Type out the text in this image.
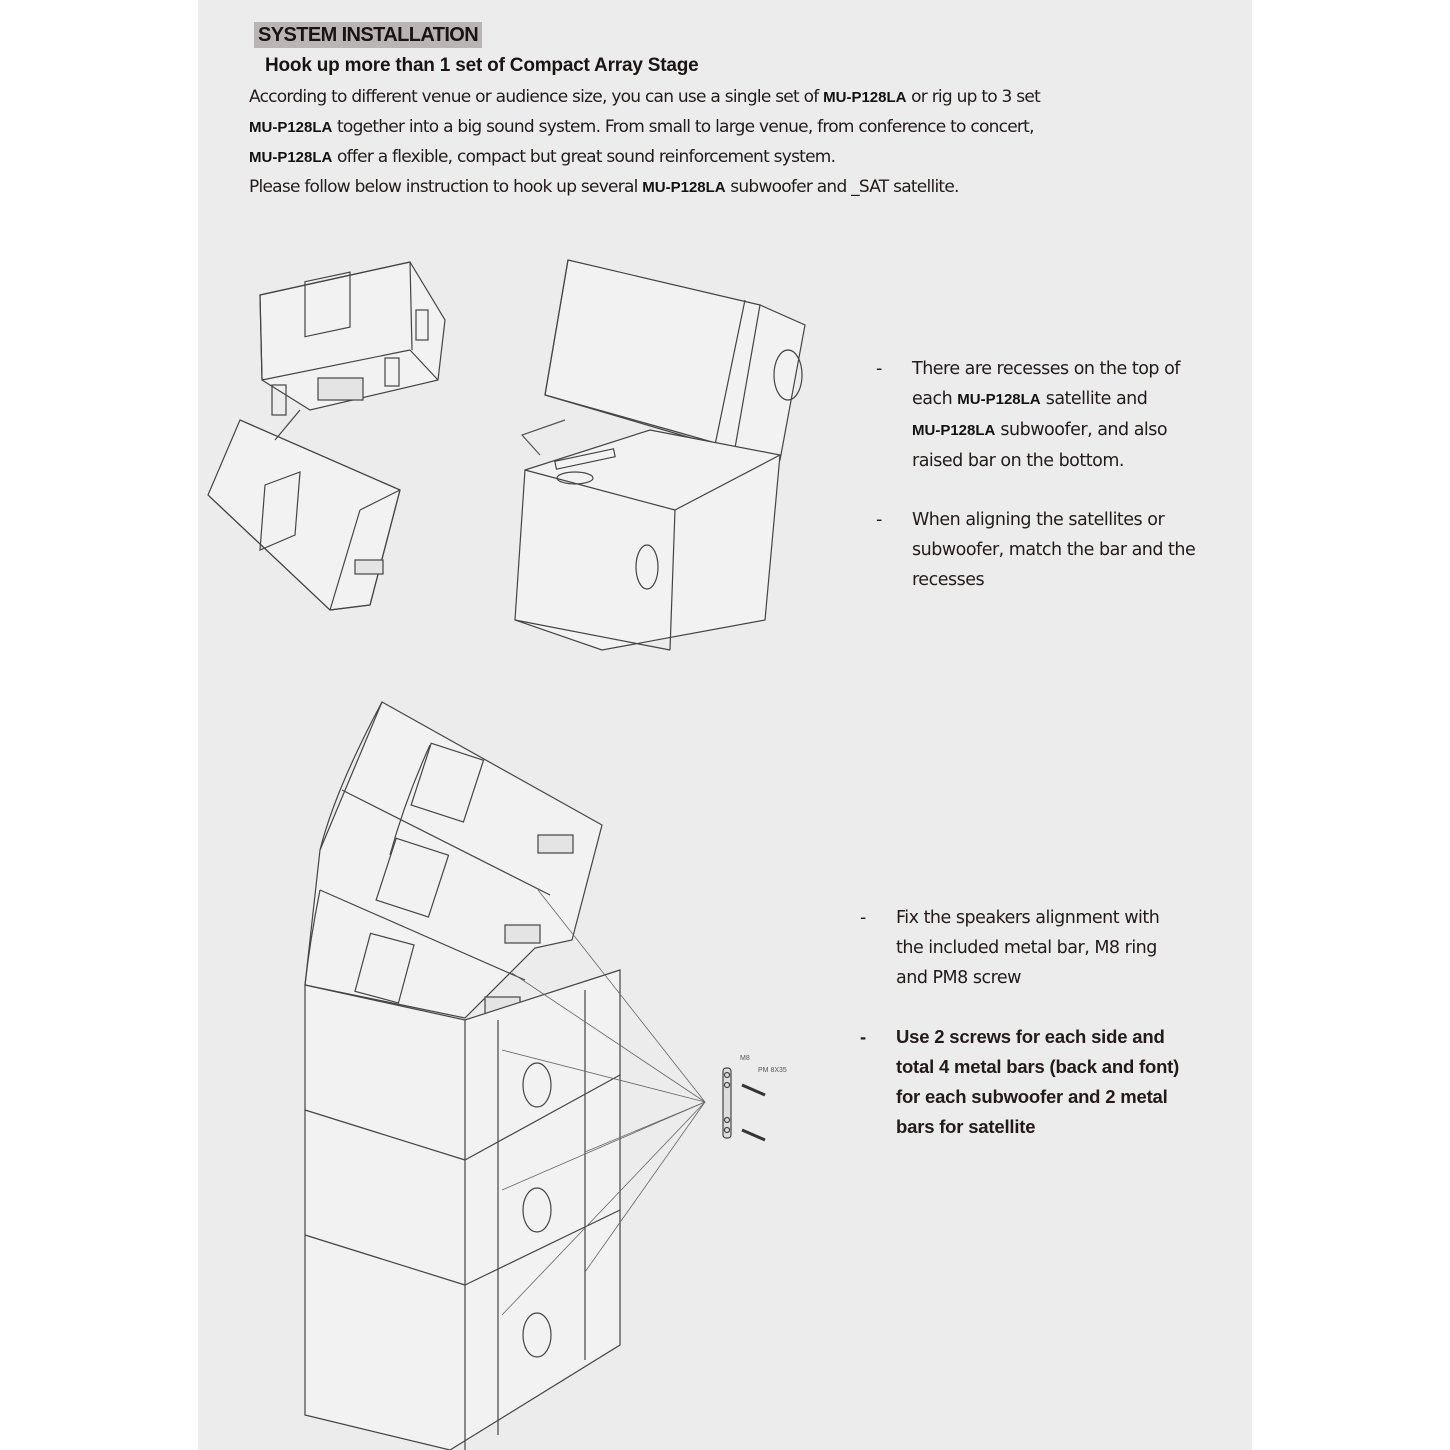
SYSTEM INSTALLATION
Hook up more than 1 set of Compact Array Stage
According to different venue or audience size, you can use a single set of MU-P128LA or rig up to 3 set
MU-P128LA together into a big sound system. From small to large venue, from conference to concert,
MU-P128LA offer a flexible, compact but great sound reinforcement system.
Please follow below instruction to hook up several MU-P128LA subwoofer and _SAT satellite.
M8
PM 8X35
- There are recesses on the top of
each MU-P128LA satellite and
MU-P128LA subwoofer, and also
raised bar on the bottom.
- When aligning the satellites or
subwoofer, match the bar and the
recesses
- Fix the speakers alignment with
the included metal bar, M8 ring
and PM8 screw
- Use 2 screws for each side and
total 4 metal bars (back and font)
for each subwoofer and 2 metal
bars for satellite
